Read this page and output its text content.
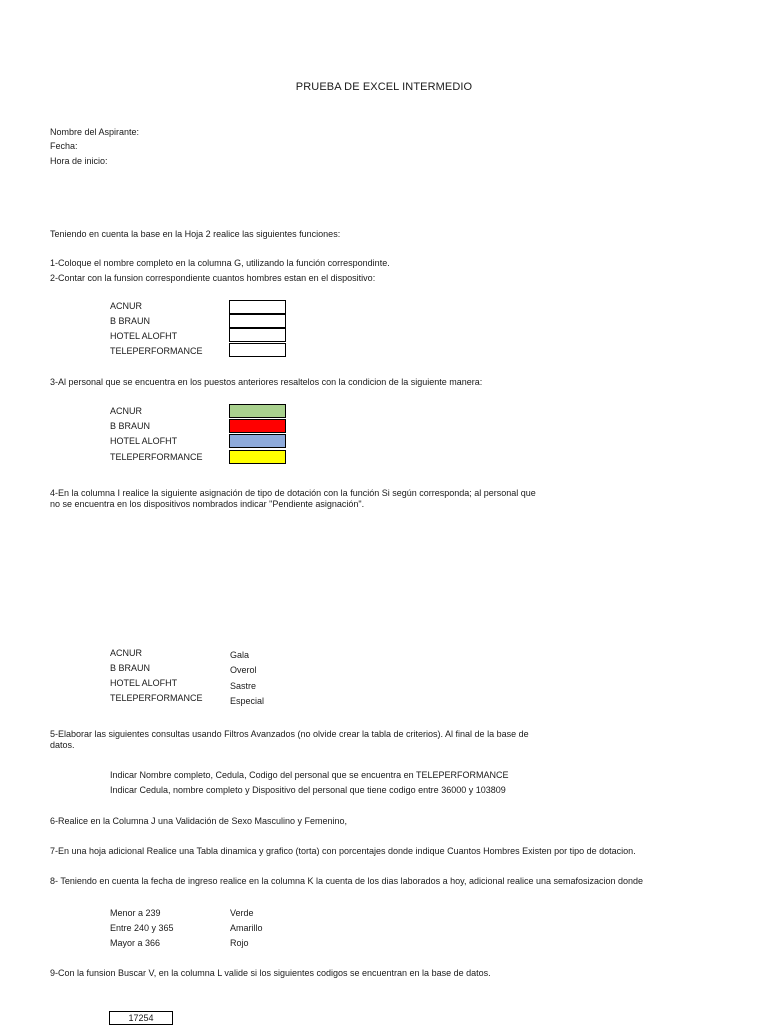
PRUEBA DE EXCEL INTERMEDIO
Nombre del Aspirante:
Fecha:
Hora de inicio:
Teniendo en cuenta la base en la Hoja 2 realice las siguientes funciones:
1-Coloque el nombre completo en la columna G, utilizando la función correspondinte.
2-Contar con la funsion correspondiente cuantos hombres estan en el dispositivo:
ACNUR
B BRAUN
HOTEL ALOFHT
TELEPERFORMANCE
3-Al personal que se encuentra en los puestos anteriores resaltelos con la condicion de la siguiente manera:
ACNUR
B BRAUN
HOTEL ALOFHT
TELEPERFORMANCE
4-En la columna I realice la siguiente asignación de tipo de dotación con la función Si según corresponda; al personal que
no se encuentra en los dispositivos nombrados indicar "Pendiente asignación".
ACNUR
B BRAUN
HOTEL ALOFHT
TELEPERFORMANCE
Gala
Overol
Sastre
Especial
5-Elaborar las siguientes consultas usando Filtros Avanzados (no olvide crear la tabla de criterios). Al final de la base de
datos.
Indicar Nombre completo, Cedula, Codigo del personal que se encuentra en TELEPERFORMANCE
Indicar Cedula, nombre completo y Dispositivo del personal que tiene codigo entre 36000 y 103809
6-Realice en la Columna J una Validación de Sexo Masculino y Femenino,
7-En una hoja adicional Realice una Tabla dinamica y grafico (torta) con porcentajes donde indique Cuantos Hombres Existen por tipo de dotacion.
8- Teniendo en cuenta la fecha de ingreso realice en la columna K la cuenta de los dias laborados a hoy, adicional realice una semafosizacion donde
Menor a 239
Entre 240 y 365
Mayor a 366
Verde
Amarillo
Rojo
9-Con la funsion Buscar V, en la columna L valide si los siguientes codigos se encuentran en la base de datos.
17254
